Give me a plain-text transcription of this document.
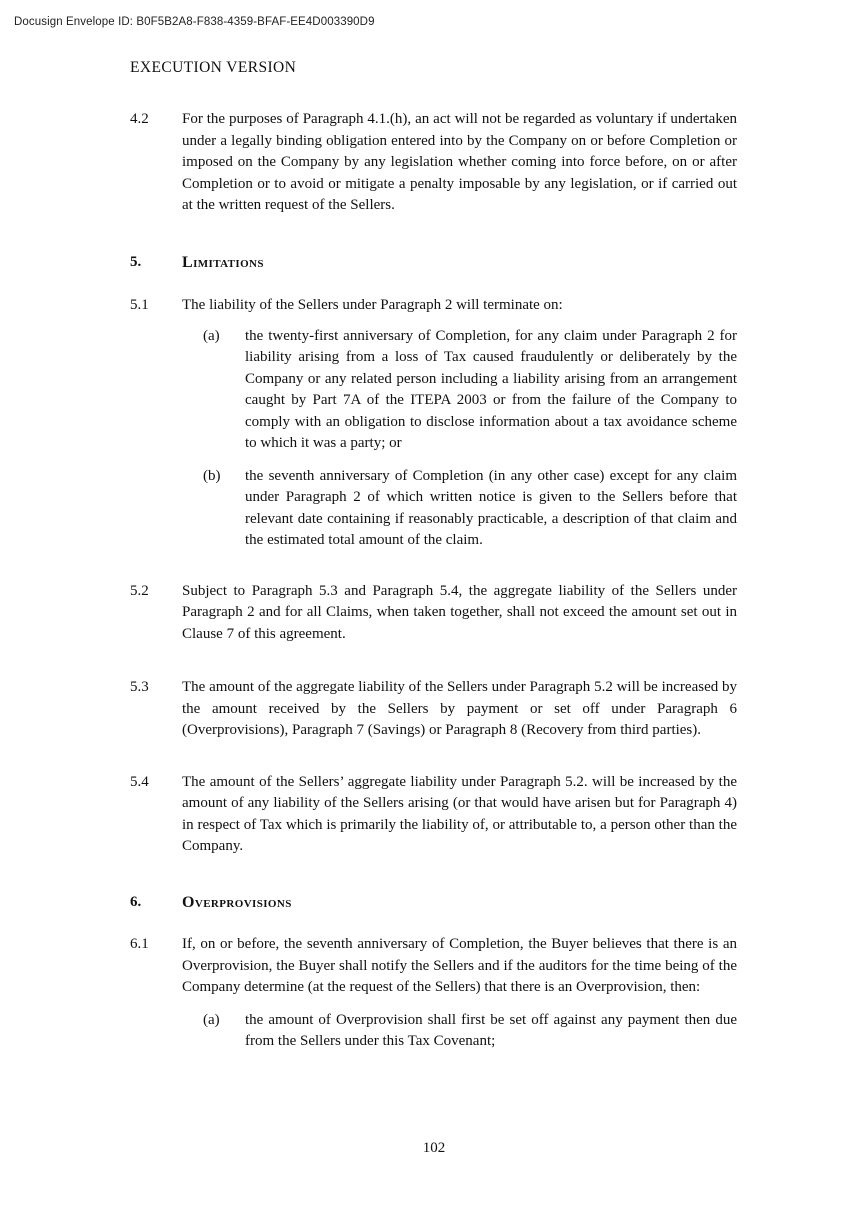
Docusign Envelope ID: B0F5B2A8-F838-4359-BFAF-EE4D003390D9
EXECUTION VERSION
4.2	For the purposes of Paragraph 4.1.(h), an act will not be regarded as voluntary if undertaken under a legally binding obligation entered into by the Company on or before Completion or imposed on the Company by any legislation whether coming into force before, on or after Completion or to avoid or mitigate a penalty imposable by any legislation, or if carried out at the written request of the Sellers.
5.	Limitations
5.1	The liability of the Sellers under Paragraph 2 will terminate on:
(a)	the twenty-first anniversary of Completion, for any claim under Paragraph 2 for liability arising from a loss of Tax caused fraudulently or deliberately by the Company or any related person including a liability arising from an arrangement caught by Part 7A of the ITEPA 2003 or from the failure of the Company to comply with an obligation to disclose information about a tax avoidance scheme to which it was a party; or
(b)	the seventh anniversary of Completion (in any other case) except for any claim under Paragraph 2 of which written notice is given to the Sellers before that relevant date containing if reasonably practicable, a description of that claim and the estimated total amount of the claim.
5.2	Subject to Paragraph 5.3 and Paragraph 5.4, the aggregate liability of the Sellers under Paragraph 2 and for all Claims, when taken together, shall not exceed the amount set out in Clause 7 of this agreement.
5.3	The amount of the aggregate liability of the Sellers under Paragraph 5.2 will be increased by the amount received by the Sellers by payment or set off under Paragraph 6 (Overprovisions), Paragraph 7 (Savings) or Paragraph 8 (Recovery from third parties).
5.4	The amount of the Sellers’ aggregate liability under Paragraph 5.2. will be increased by the amount of any liability of the Sellers arising (or that would have arisen but for Paragraph 4) in respect of Tax which is primarily the liability of, or attributable to, a person other than the Company.
6.	Overprovisions
6.1	If, on or before, the seventh anniversary of Completion, the Buyer believes that there is an Overprovision, the Buyer shall notify the Sellers and if the auditors for the time being of the Company determine (at the request of the Sellers) that there is an Overprovision, then:
(a)	the amount of Overprovision shall first be set off against any payment then due from the Sellers under this Tax Covenant;
102
